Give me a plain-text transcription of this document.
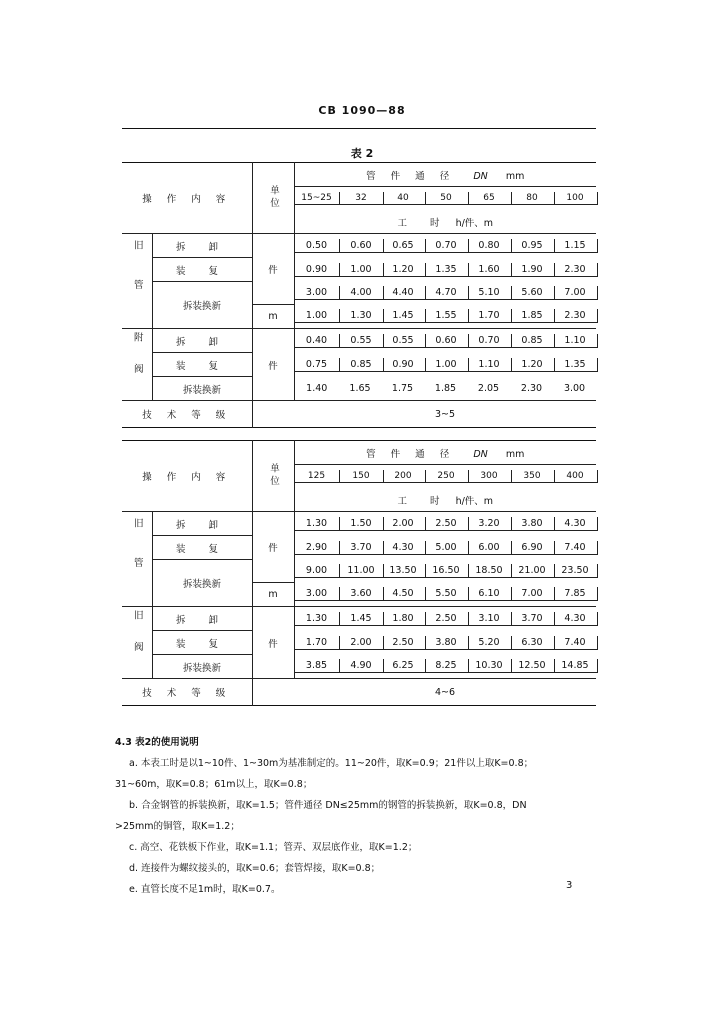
CB 1090—88
表 2
操 作 内 容		单 位	管 件 通 径 DN mm						
			15~25	32	40	50	65	80	100
			工 时 h/件、m						
旧管	拆 卸	件	0.50	0.60	0.65	0.70	0.80	0.95	1.15
	装 复		0.90	1.00	1.20	1.35	1.60	1.90	2.30
	拆装换新		3.00	4.00	4.40	4.70	5.10	5.60	7.00
		m	1.00	1.30	1.45	1.55	1.70	1.85	2.30
附阀	拆 卸	件	0.40	0.55	0.55	0.60	0.70	0.85	1.10
	装 复		0.75	0.85	0.90	1.00	1.10	1.20	1.35
	拆装换新		1.40	1.65	1.75	1.85	2.05	2.30	3.00
技 术 等 级			3~5						
操 作 内 容		单 位	管 件 通 径 DN mm						
			125	150	200	250	300	350	400
			工 时 h/件、m						
旧管	拆 卸	件	1.30	1.50	2.00	2.50	3.20	3.80	4.30
	装 复		2.90	3.70	4.30	5.00	6.00	6.90	7.40
	拆装换新		9.00	11.00	13.50	16.50	18.50	21.00	23.50
		m	3.00	3.60	4.50	5.50	6.10	7.00	7.85
旧阀	拆 卸	件	1.30	1.45	1.80	2.50	3.10	3.70	4.30
	装 复		1.70	2.00	2.50	3.80	5.20	6.30	7.40
	拆装换新		3.85	4.90	6.25	8.25	10.30	12.50	14.85
技 术 等 级			4~6						
4.3 表2的使用说明
a. 本表工时是以1~10件、1~30m为基准制定的。11~20件，取K=0.9；21件以上取K=0.8；
31~60m，取K=0.8；61m以上，取K=0.8；
b. 合金钢管的拆装换新，取K=1.5；管件通径 DN≤25mm的钢管的拆装换新，取K=0.8，DN
>25mm的铜管，取K=1.2；
c. 高空、花铁板下作业，取K=1.1；管弄、双层底作业，取K=1.2；
d. 连接件为螺纹接头的，取K=0.6；套管焊接，取K=0.8；
e. 直管长度不足1m时，取K=0.7。	3
